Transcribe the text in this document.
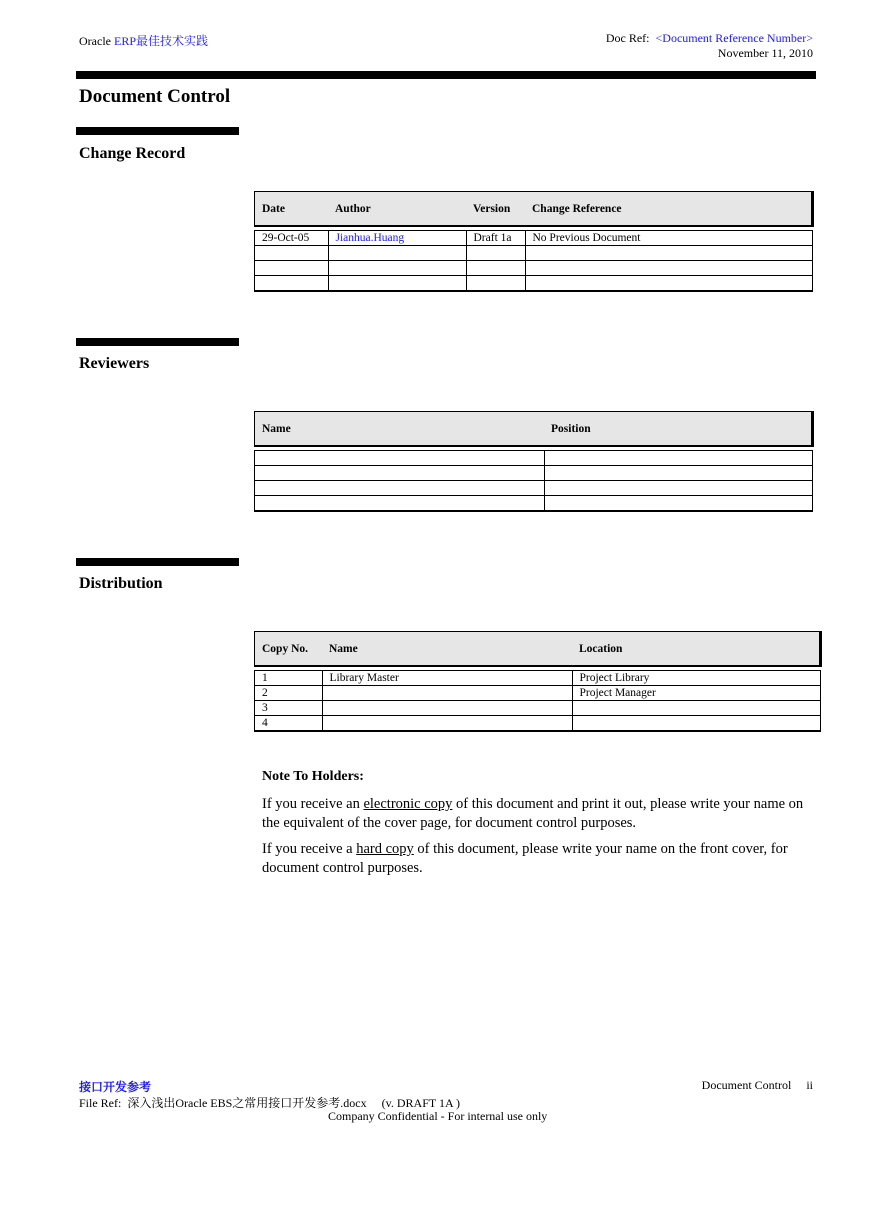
Oracle ERP最佳技术实践	Doc Ref: <Document Reference Number>
November 11, 2010
Document Control
Change Record
Date	Author	Version	Change Reference

29-Oct-05	Jianhua.Huang	Draft 1a	No Previous Document

Reviewers
Name	Position

Distribution
Copy No.	Name	Location

1	Library Master	Project Library
2		Project Manager
3		
4		
Note To Holders:
If you receive an electronic copy of this document and print it out, please write your name on the equivalent of the cover page, for document control purposes.
If you receive a hard copy of this document, please write your name on the front cover, for document control purposes.
接口开发参考	Document Control ii
File Ref: 深入浅出Oracle EBS之常用接口开发参考.docx (v. DRAFT 1A )
Company Confidential - For internal use only
